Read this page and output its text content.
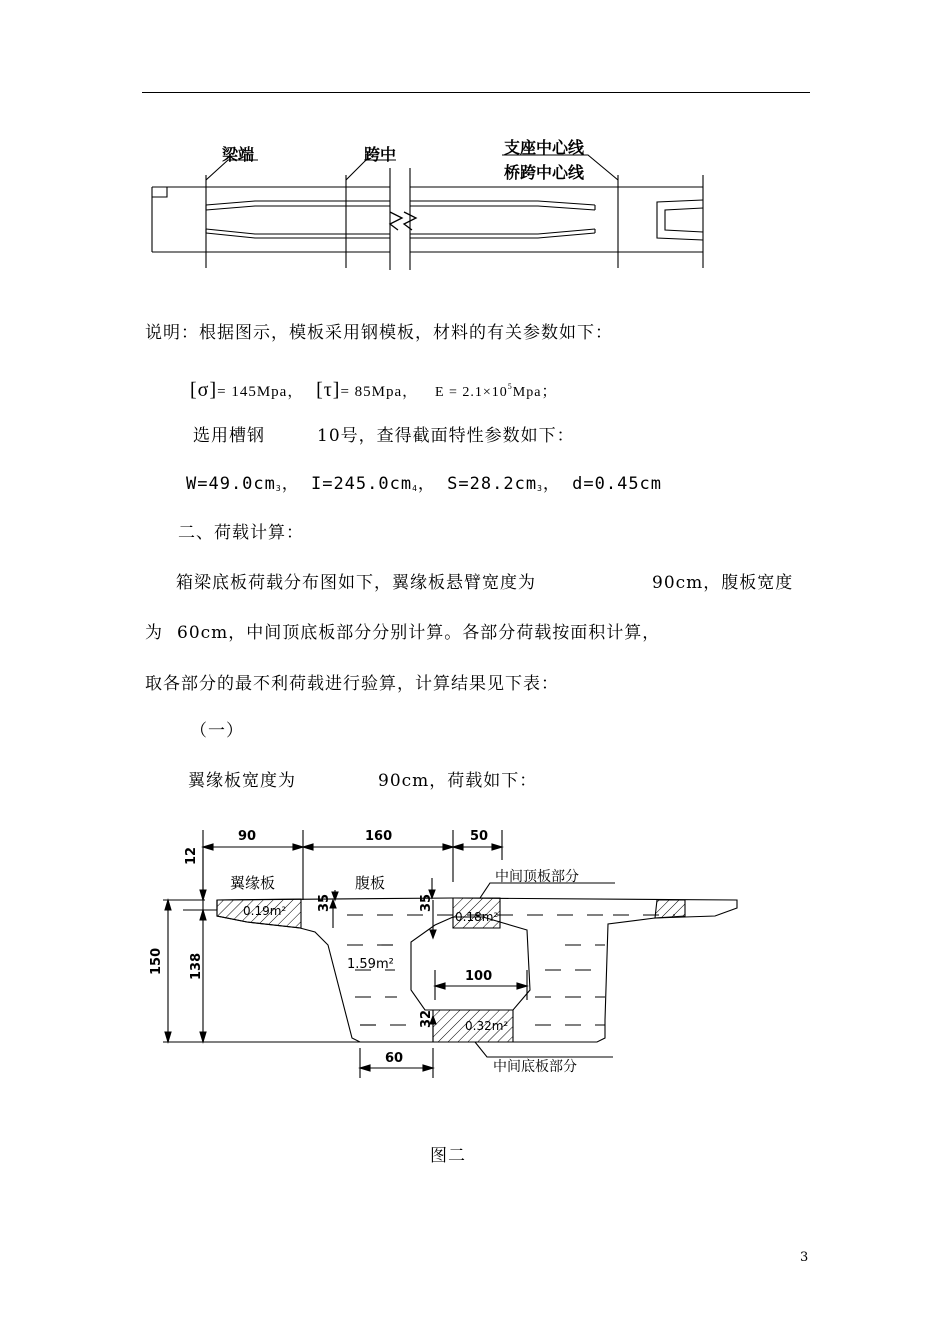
梁端	跨中	支座中心线
桥跨中心线
说明：根据图示，模板采用钢模板，材料的有关参数如下：
[σ]= 145Mpa， [τ]= 85Mpa， $E = 2.1\times 10^5Mpa$；
选用槽钢	10号，查得截面特性参数如下：
$W=49.0cm_3$， $I=245.0cm_4$， $S=28.2cm_3$， d=0.45cm
二、荷载计算：
箱梁底板荷载分布图如下，翼缘板悬臂宽度为	90cm，腹板宽度
为 60cm，中间顶底板部分分别计算。各部分荷载按面积计算，
取各部分的最不利荷载进行验算，计算结果见下表：
（一）
翼缘板宽度为	90cm，荷载如下：
90	160	50
12
150 138
35	35
100
32
60
翼缘板	腹板	中间顶板部分
中间底板部分
0.19m²	0.18m²
1.59m²
0.32m²
图二
3
